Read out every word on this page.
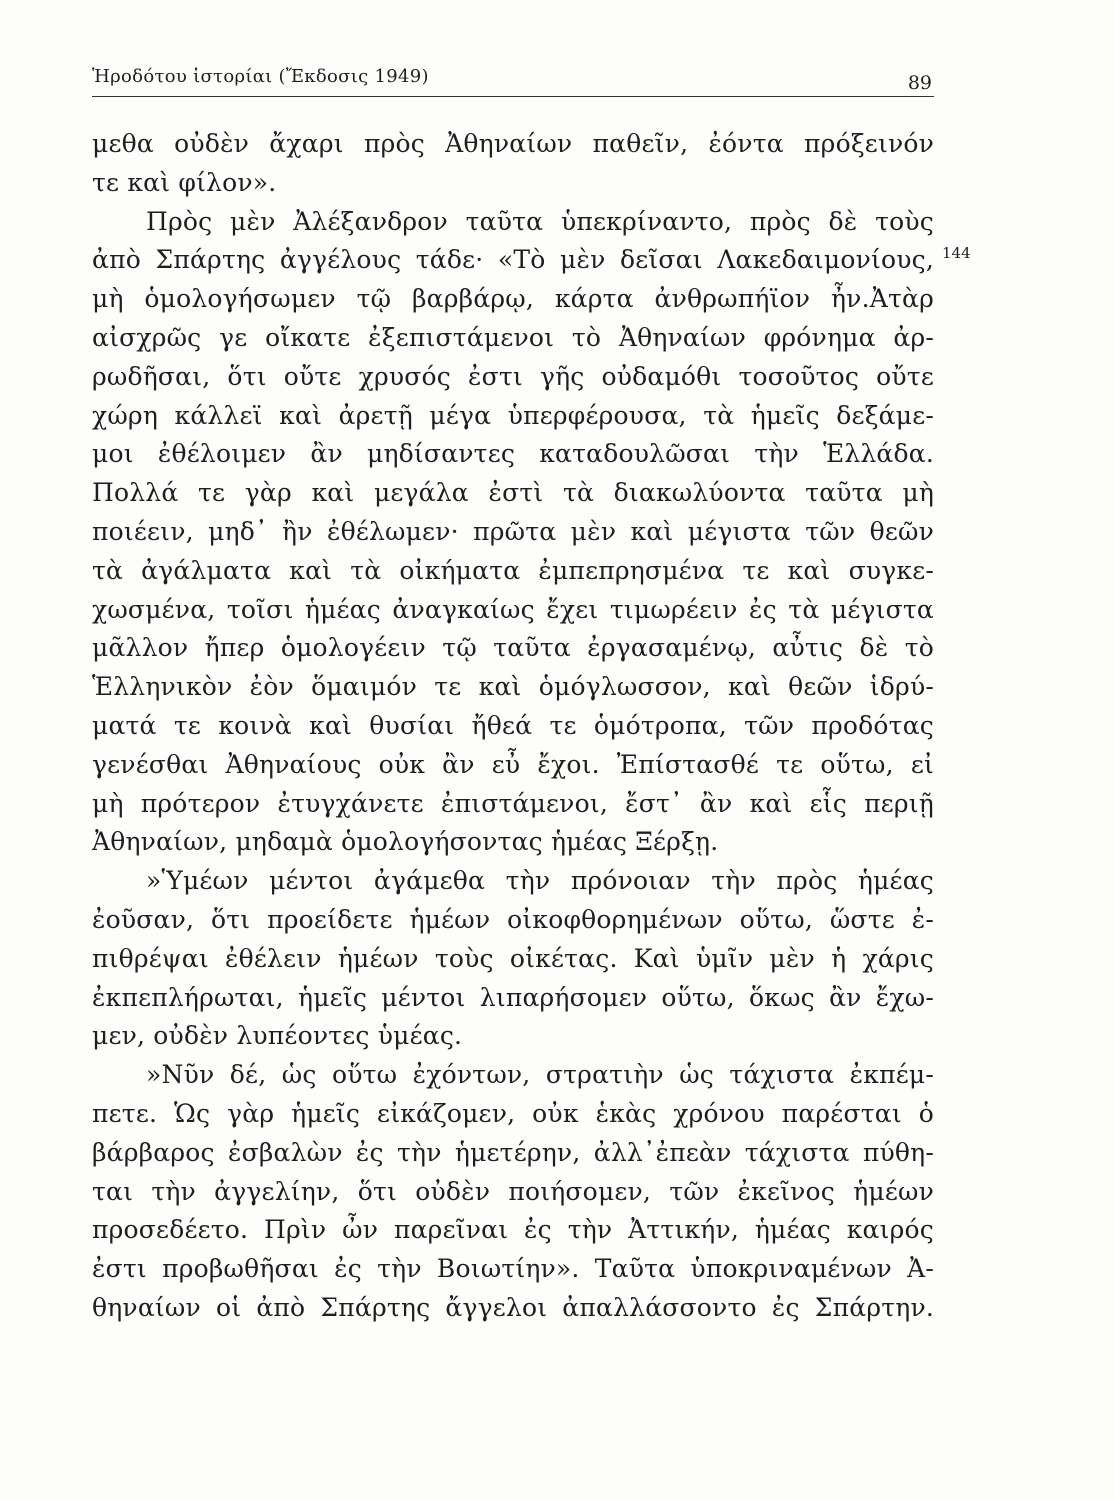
Ἡροδότου ἱστορίαι (Ἔκδοσις 1949)	89
144
μεθα οὐδὲν ἄχαρι πρὸς Ἀθηναίων παθεῖν, ἐόντα πρόξεινόν
τε καὶ φίλον».
Πρὸς μὲν Ἀλέξανδρον ταῦτα ὑπεκρίναντο, πρὸς δὲ τοὺς
ἀπὸ Σπάρτης ἀγγέλους τάδε· «Τὸ μὲν δεῖσαι Λακεδαιμονίους,
μὴ ὁμολογήσωμεν τῷ βαρβάρῳ, κάρτα ἀνθρωπήϊον ἦν.Ἀτὰρ
αἰσχρῶς γε οἴκατε ἐξεπιστάμενοι τὸ Ἀθηναίων φρόνημα ἀρ-
ρωδῆσαι, ὅτι οὔτε χρυσός ἐστι γῆς οὐδαμόθι τοσοῦτος οὔτε
χώρη κάλλεϊ καὶ ἀρετῇ μέγα ὑπερφέρουσα, τὰ ἡμεῖς δεξάμε-
μοι ἐθέλοιμεν ἂν μηδίσαντες καταδουλῶσαι τὴν Ἑλλάδα.
Πολλά τε γὰρ καὶ μεγάλα ἐστὶ τὰ διακωλύοντα ταῦτα μὴ
ποιέειν, μηδ᾽ ἢν ἐθέλωμεν· πρῶτα μὲν καὶ μέγιστα τῶν θεῶν
τὰ ἀγάλματα καὶ τὰ οἰκήματα ἐμπεπρησμένα τε καὶ συγκε-
χωσμένα, τοῖσι ἡμέας ἀναγκαίως ἔχει τιμωρέειν ἐς τὰ μέγιστα
μᾶλλον ἤπερ ὁμολογέειν τῷ ταῦτα ἐργασαμένῳ, αὖτις δὲ τὸ
Ἑλληνικὸν ἐὸν ὅμαιμόν τε καὶ ὁμόγλωσσον, καὶ θεῶν ἱδρύ-
ματά τε κοινὰ καὶ θυσίαι ἤθεά τε ὁμότροπα, τῶν προδότας
γενέσθαι Ἀθηναίους οὐκ ἂν εὖ ἔχοι. Ἐπίστασθέ τε οὕτω, εἰ
μὴ πρότερον ἐτυγχάνετε ἐπιστάμενοι, ἔστ᾽ ἂν καὶ εἷς περιῇ
Ἀθηναίων, μηδαμὰ ὁμολογήσοντας ἡμέας Ξέρξῃ.
»Ὑμέων μέντοι ἀγάμεθα τὴν πρόνοιαν τὴν πρὸς ἡμέας
ἐοῦσαν, ὅτι προείδετε ἡμέων οἰκοφθορημένων οὕτω, ὥστε ἐ-
πιθρέψαι ἐθέλειν ἡμέων τοὺς οἰκέτας. Καὶ ὑμῖν μὲν ἡ χάρις
ἐκπεπλήρωται, ἡμεῖς μέντοι λιπαρήσομεν οὕτω, ὅκως ἂν ἔχω-
μεν, οὐδὲν λυπέοντες ὑμέας.
»Νῦν δέ, ὡς οὕτω ἐχόντων, στρατιὴν ὡς τάχιστα ἐκπέμ-
πετε. Ὡς γὰρ ἡμεῖς εἰκάζομεν, οὐκ ἑκὰς χρόνου παρέσται ὁ
βάρβαρος ἐσβαλὼν ἐς τὴν ἡμετέρην, ἀλλ᾽ἐπεὰν τάχιστα πύθη-
ται τὴν ἀγγελίην, ὅτι οὐδὲν ποιήσομεν, τῶν ἐκεῖνος ἡμέων
προσεδέετο. Πρὶν ὦν παρεῖναι ἐς τὴν Ἀττικήν, ἡμέας καιρός
ἐστι προβωθῆσαι ἐς τὴν Βοιωτίην». Ταῦτα ὑποκριναμένων Ἀ-
θηναίων οἱ ἀπὸ Σπάρτης ἄγγελοι ἀπαλλάσσοντο ἐς Σπάρτην.
